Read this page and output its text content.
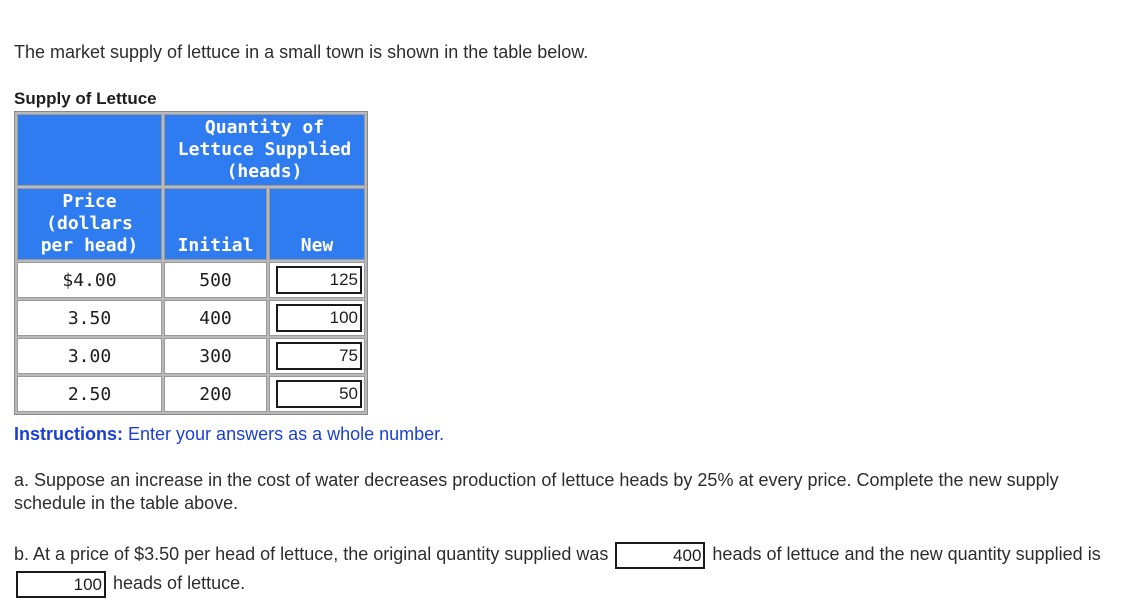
The market supply of lettuce in a small town is shown in the table below.
Supply of Lettuce

	Quantity of
Lettuce Supplied
(heads)	

Price
(dollars
per head)	Initial	New
$4.00	500	125

3.50	400	100

3.00	300	75

2.50	200	50
Instructions: Enter your answers as a whole number.
a. Suppose an increase in the cost of water decreases production of lettuce heads by 25% at every price. Complete the new supply schedule in the table above.
b. At a price of $3.50 per head of lettuce, the original quantity supplied was	400 heads of lettuce and the new quantity supplied is 100 heads of lettuce.
